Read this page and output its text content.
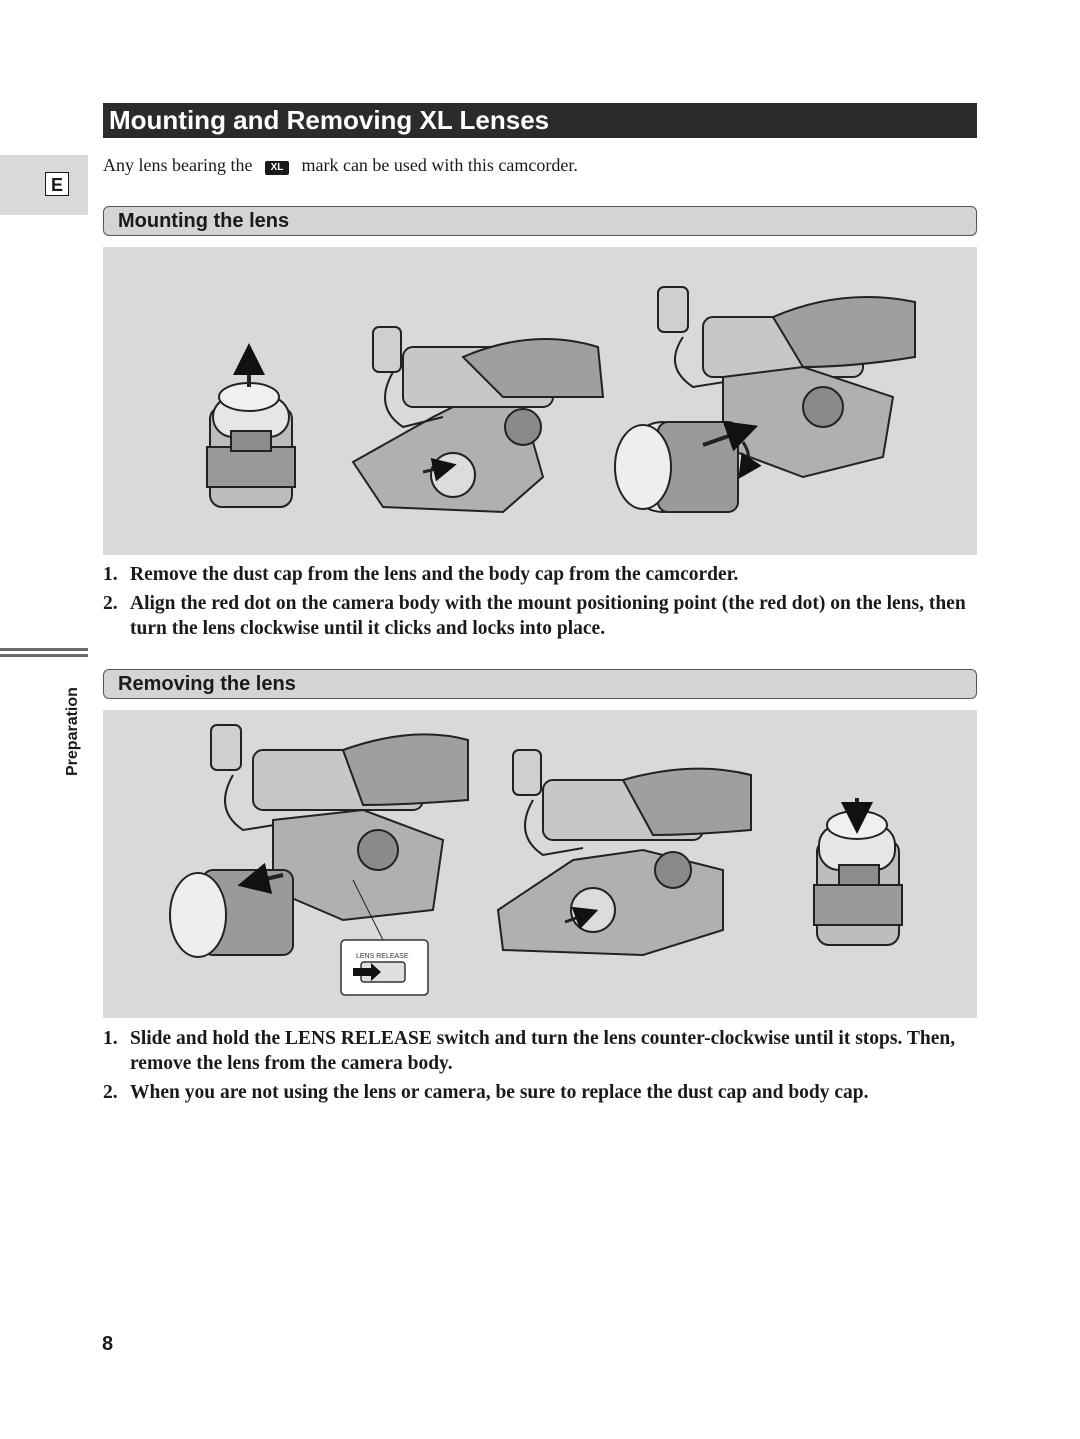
Mounting and Removing XL Lenses
E
Any lens bearing the XL mark can be used with this camcorder.
Mounting the lens
1. Remove the dust cap from the lens and the body cap from the camcorder.
2. Align the red dot on the camera body with the mount positioning point (the red dot) on the lens, then turn the lens clockwise until it clicks and locks into place.
Preparation
Removing the lens
LENS RELEASE
1. Slide and hold the LENS RELEASE switch and turn the lens counter-clockwise until it stops. Then, remove the lens from the camera body.
2. When you are not using the lens or camera, be sure to replace the dust cap and body cap.
8
